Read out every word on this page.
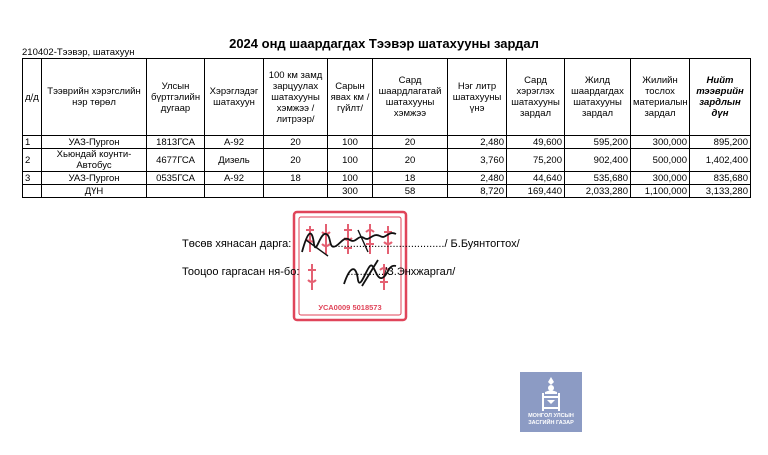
2024 онд шаардагдах Тээвэр шатахууны зардал
210402-Тээвэр, шатахуун
д/д	Тээврийн хэрэгслийн нэр төрөл	Улсын бүртгэлийн дугаар	Хэрэглэдэг шатахуун	100 км замд зарцуулах шатахууны хэмжээ /литрээр/	Сарын явах км /гүйлт/	Сард шаардлагатай шатахууны хэмжээ	Нэг литр шатахууны үнэ	Сард хэрэглэх шатахууны зардал	Жилд шаардагдах шатахууны зардал	Жилийн тослох материалын зардал	Нийт тээврийн зардлын дүн
1	УАЗ-Пургон	1813ГСА	А-92	20	100	20	2,480	49,600	595,200	300,000	895,200
2	Хьюндай коунти-Автобус	4677ГСА	Дизель	20	100	20	3,760	75,200	902,400	500,000	1,402,400
3	УАЗ-Пургон	0535ГСА	А-92	18	100	18	2,480	44,640	535,680	300,000	835,680
	ДҮН				300	58	8,720	169,440	2,033,280	1,100,000	3,133,280
УСА0009 5018573
Төсөв хянасан дарга:	...................................../ Б.Буянтогтох/
Тооцоо гаргасан ня-бо:	............/З.Энхжаргал/
МОНГОЛ УЛСЫН
ЗАСГИЙН ГАЗАР
